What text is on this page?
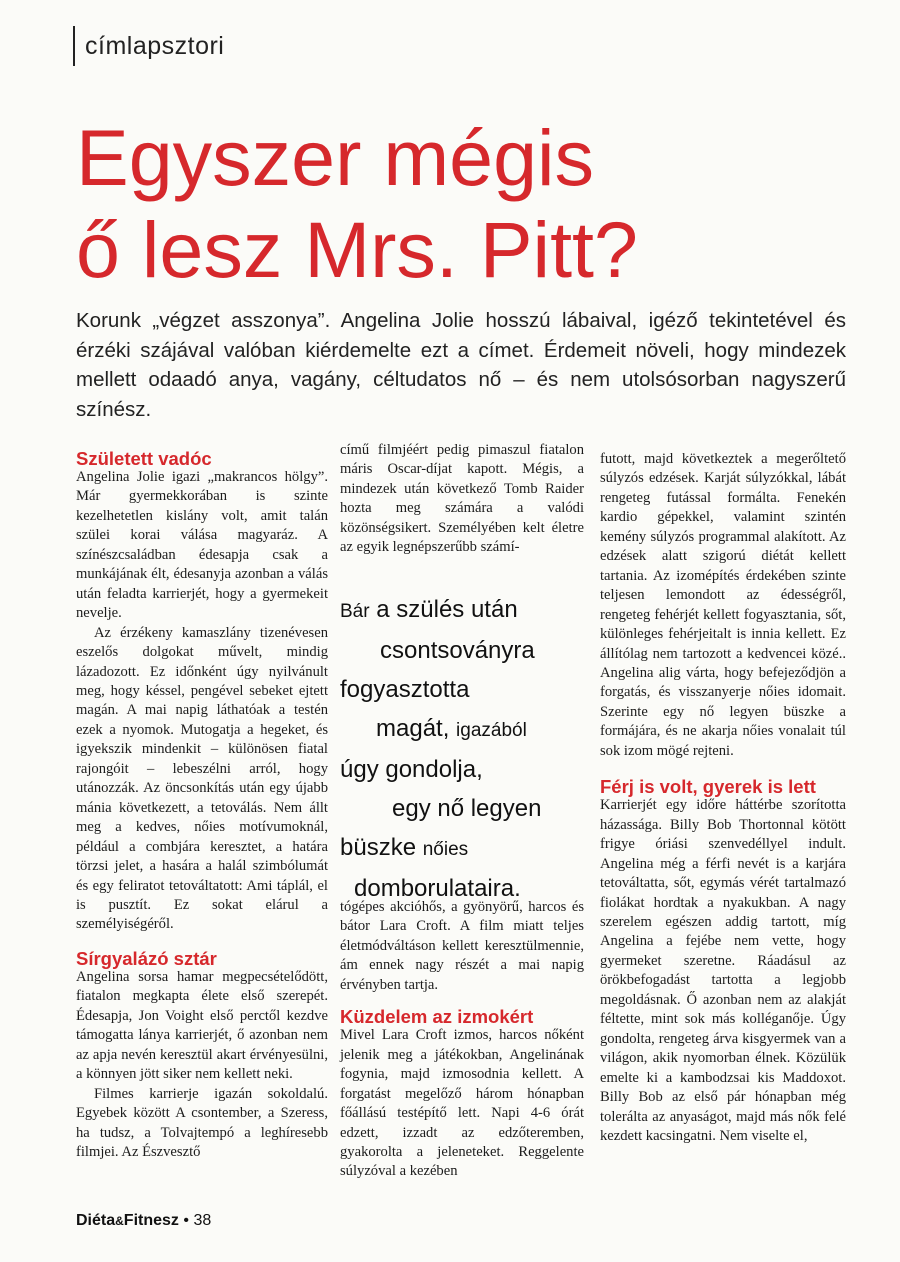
címlapsztori
Egyszer mégis
ő lesz Mrs. Pitt?

Korunk „végzet asszonya”. Angelina Jolie hosszú lábaival, igéző tekintetével és érzéki szájával valóban kiérdemelte ezt a címet. Érdemeit növeli, hogy mindezek mellett odaadó anya, vagány, céltudatos nő – és nem utolsósorban nagyszerű színész.

Született vadóc

Angelina Jolie igazi „makrancos hölgy”. Már gyermekkorában is szinte kezelhetetlen kislány volt, amit talán szülei korai válása magyaráz. A színészcsaládban édesapja csak a munkájának élt, édesanyja azonban a válás után feladta karrierjét, hogy a gyermekeit nevelje.

Az érzékeny kamaszlány tizenévesen eszelős dolgokat művelt, mindig lázadozott. Ez időnként úgy nyilvánult meg, hogy késsel, pengével sebeket ejtett magán. A mai napig láthatóak a testén ezek a nyomok. Mutogatja a hegeket, és igyekszik mindenkit – különösen fiatal rajongóit – lebeszélni arról, hogy utánozzák. Az öncsonkítás után egy újabb mánia következett, a tetoválás. Nem állt meg a kedves, nőies motívumoknál, például a combjára keresztet, a határa törzsi jelet, a hasára a halál szimbólumát és egy feliratot tetováltatott: Ami táplál, el is pusztít. Ez sokat elárul a személyiségéről.

Sírgyalázó sztár

Angelina sorsa hamar megpecsételődött, fiatalon megkapta élete első szerepét. Édesapja, Jon Voight első perctől kezdve támogatta lánya karrierjét, ő azonban nem az apja nevén keresztül akart érvényesülni, a könnyen jött siker nem kellett neki.

Filmes karrierje igazán sokoldalú. Egyebek között A csontember, a Szeress, ha tudsz, a Tolvajtempó a leghíresebb filmjei. Az Észvesztő

című filmjéért pedig pimaszul fiatalon máris Oscar-díjat kapott. Mégis, a mindezek után következő Tomb Raider hozta meg számára a valódi közönségsikert. Személyében kelt életre az egyik legnépszerűbb számí-

Bár a szülés után
csontsoványra
fogyasztotta
magát, igazából
úgy gondolja,
egy nő legyen
büszke nőies
domborulataira.

tógépes akcióhős, a gyönyörű, harcos és bátor Lara Croft. A film miatt teljes életmódváltáson kellett keresztülmennie, ám ennek nagy részét a mai napig érvényben tartja.

Küzdelem az izmokért

Mivel Lara Croft izmos, harcos nőként jelenik meg a játékokban, Angelinának fogynia, majd izmosodnia kellett. A forgatást megelőző három hónapban főállású testépítő lett. Napi 4-6 órát edzett, izzadt az edzőteremben, gyakorolta a jeleneteket. Reggelente súlyzóval a kezében

futott, majd következtek a megerőltető súlyzós edzések. Karját súlyzókkal, lábát rengeteg futással formálta. Fenekén kardio gépekkel, valamint szintén kemény súlyzós programmal alakított. Az edzések alatt szigorú diétát kellett tartania. Az izomépítés érdekében szinte teljesen lemondott az édességről, rengeteg fehérjét kellett fogyasztania, sőt, különleges fehérjeitalt is innia kellett. Ez állítólag nem tartozott a kedvencei közé.. Angelina alig várta, hogy befejeződjön a forgatás, és visszanyerje nőies idomait. Szerinte egy nő legyen büszke a formájára, és ne akarja nőies vonalait túl sok izom mögé rejteni.

Férj is volt, gyerek is lett

Karrierjét egy időre háttérbe szorította házassága. Billy Bob Thortonnal kötött frigye óriási szenvedéllyel indult. Angelina még a férfi nevét is a karjára tetováltatta, sőt, egymás vérét tartalmazó fiolákat hordtak a nyakukban. A nagy szerelem egészen addig tartott, míg Angelina a fejébe nem vette, hogy gyermeket szeretne. Ráadásul az örökbefogadást tartotta a legjobb megoldásnak. Ő azonban nem az alakját féltette, mint sok más kolléganője. Úgy gondolta, rengeteg árva kisgyermek van a világon, akik nyomorban élnek. Közülük emelte ki a kambodzsai kis Maddoxot. Billy Bob az első pár hónapban még tolerálta az anyaságot, majd más nők felé kezdett kacsingatni. Nem viselte el,

Diéta&Fitnesz • 38
